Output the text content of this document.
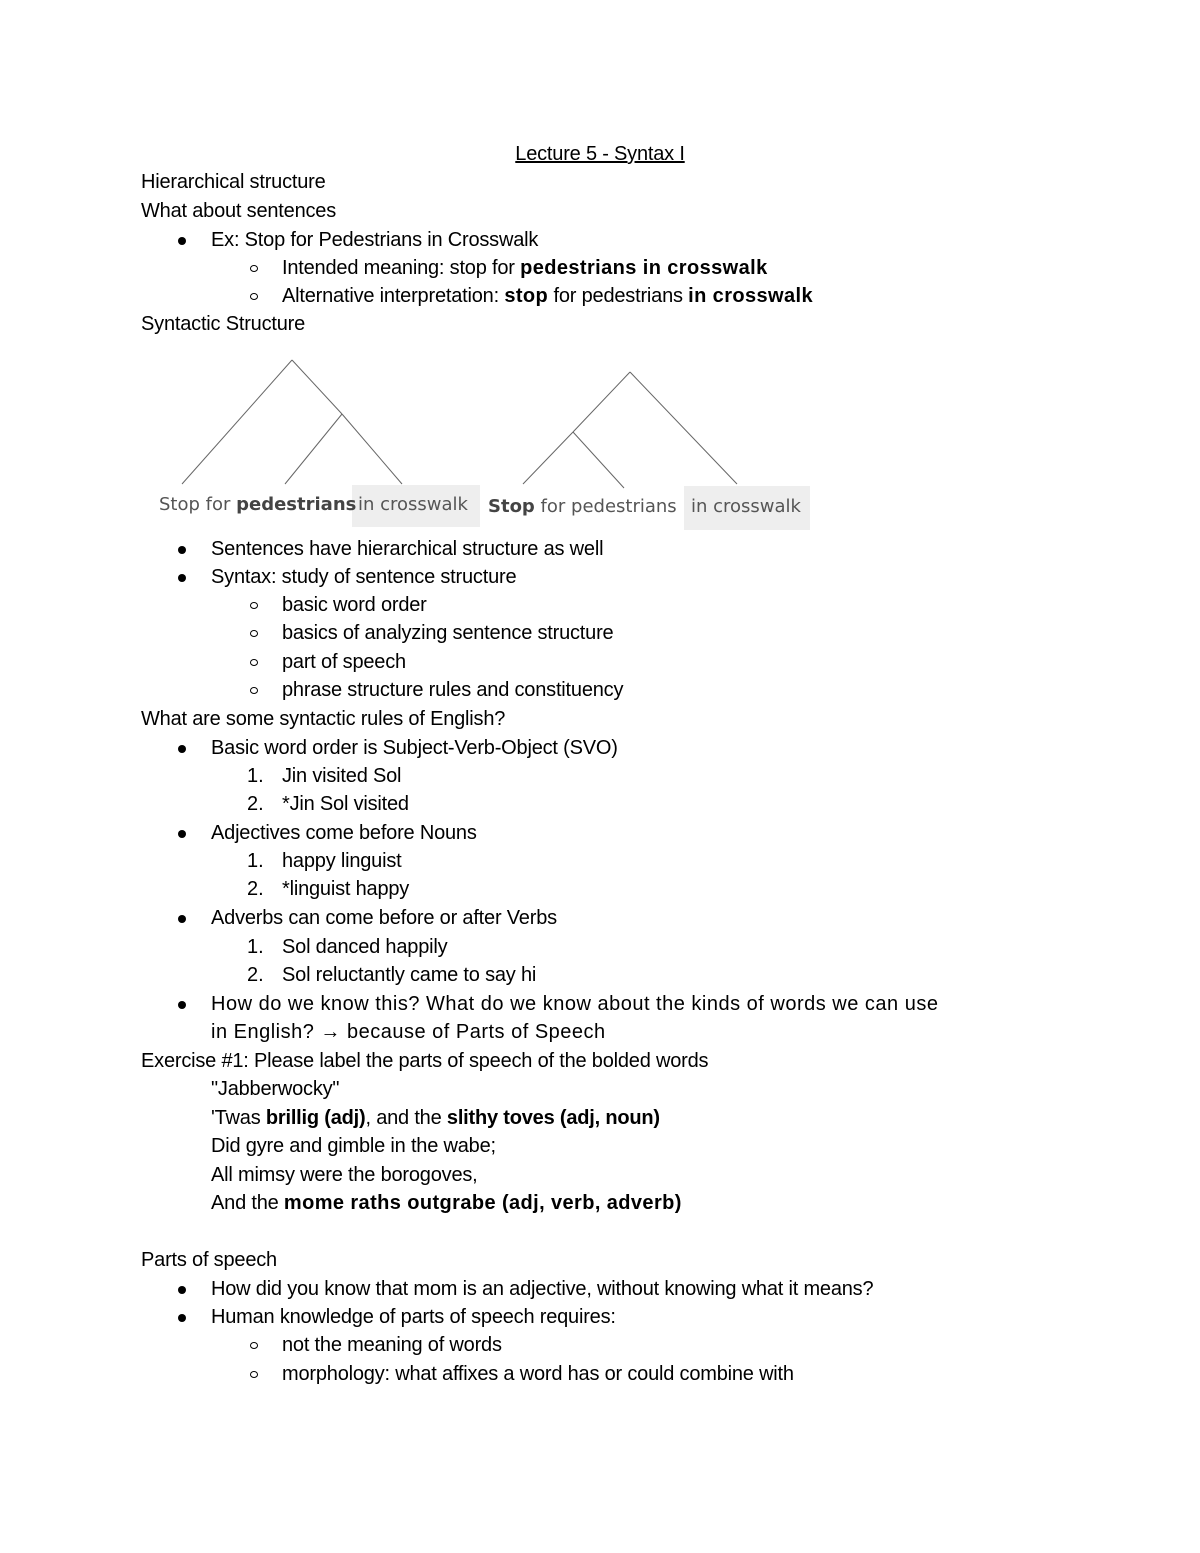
Lecture 5 - Syntax I
Hierarchical structure
What about sentences
Ex: Stop for Pedestrians in Crosswalk
Intended meaning: stop for pedestrians in crosswalk
Alternative interpretation: stop for pedestrians in crosswalk
Syntactic Structure
Stop for pedestrians in crosswalk Stop for pedestrians in crosswalk
Sentences have hierarchical structure as well
Syntax: study of sentence structure
basic word order
basics of analyzing sentence structure
part of speech
phrase structure rules and constituency
What are some syntactic rules of English?
Basic word order is Subject-Verb-Object (SVO)
1. Jin visited Sol
2. *Jin Sol visited
Adjectives come before Nouns
1. happy linguist
2. *linguist happy
Adverbs can come before or after Verbs
1. Sol danced happily
2. Sol reluctantly came to say hi
How do we know this? What do we know about the kinds of words we can use
in English? → because of Parts of Speech
Exercise #1: Please label the parts of speech of the bolded words
"Jabberwocky"
'Twas brillig (adj), and the slithy toves (adj, noun)
Did gyre and gimble in the wabe;
All mimsy were the borogoves,
And the mome raths outgrabe (adj, verb, adverb)
Parts of speech
How did you know that mom is an adjective, without knowing what it means?
Human knowledge of parts of speech requires:
not the meaning of words
morphology: what affixes a word has or could combine with
